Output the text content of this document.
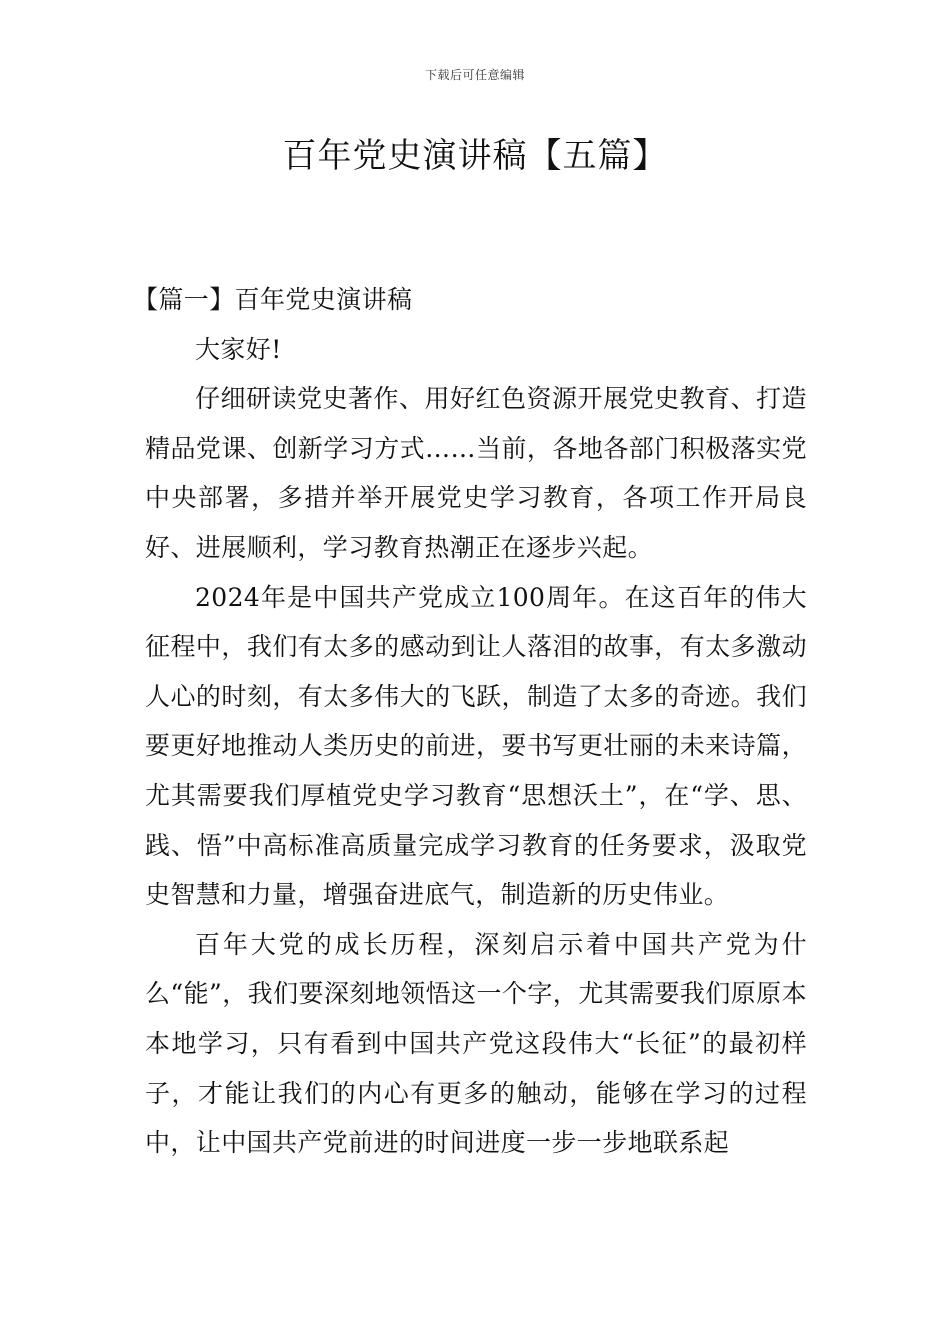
下载后可任意编辑
百年党史演讲稿【五篇】

【篇一】百年党史演讲稿

大家好!

仔细研读党史著作、用好红色资源开展党史教育、打造精品党课、创新学习方式……当前，各地各部门积极落实党中央部署，多措并举开展党史学习教育，各项工作开局良好、进展顺利，学习教育热潮正在逐步兴起。

2024年是中国共产党成立100周年。在这百年的伟大征程中，我们有太多的感动到让人落泪的故事，有太多激动人心的时刻，有太多伟大的飞跃，制造了太多的奇迹。我们要更好地推动人类历史的前进，要书写更壮丽的未来诗篇，尤其需要我们厚植党史学习教育“思想沃土”，在“学、思、践、悟”中高标准高质量完成学习教育的任务要求，汲取党史智慧和力量，增强奋进底气，制造新的历史伟业。

百年大党的成长历程，深刻启示着中国共产党为什么“能”，我们要深刻地领悟这一个字，尤其需要我们原原本本地学习，只有看到中国共产党这段伟大“长征”的最初样子，才能让我们的内心有更多的触动，能够在学习的过程中，让中国共产党前进的时间进度一步一步地联系起
